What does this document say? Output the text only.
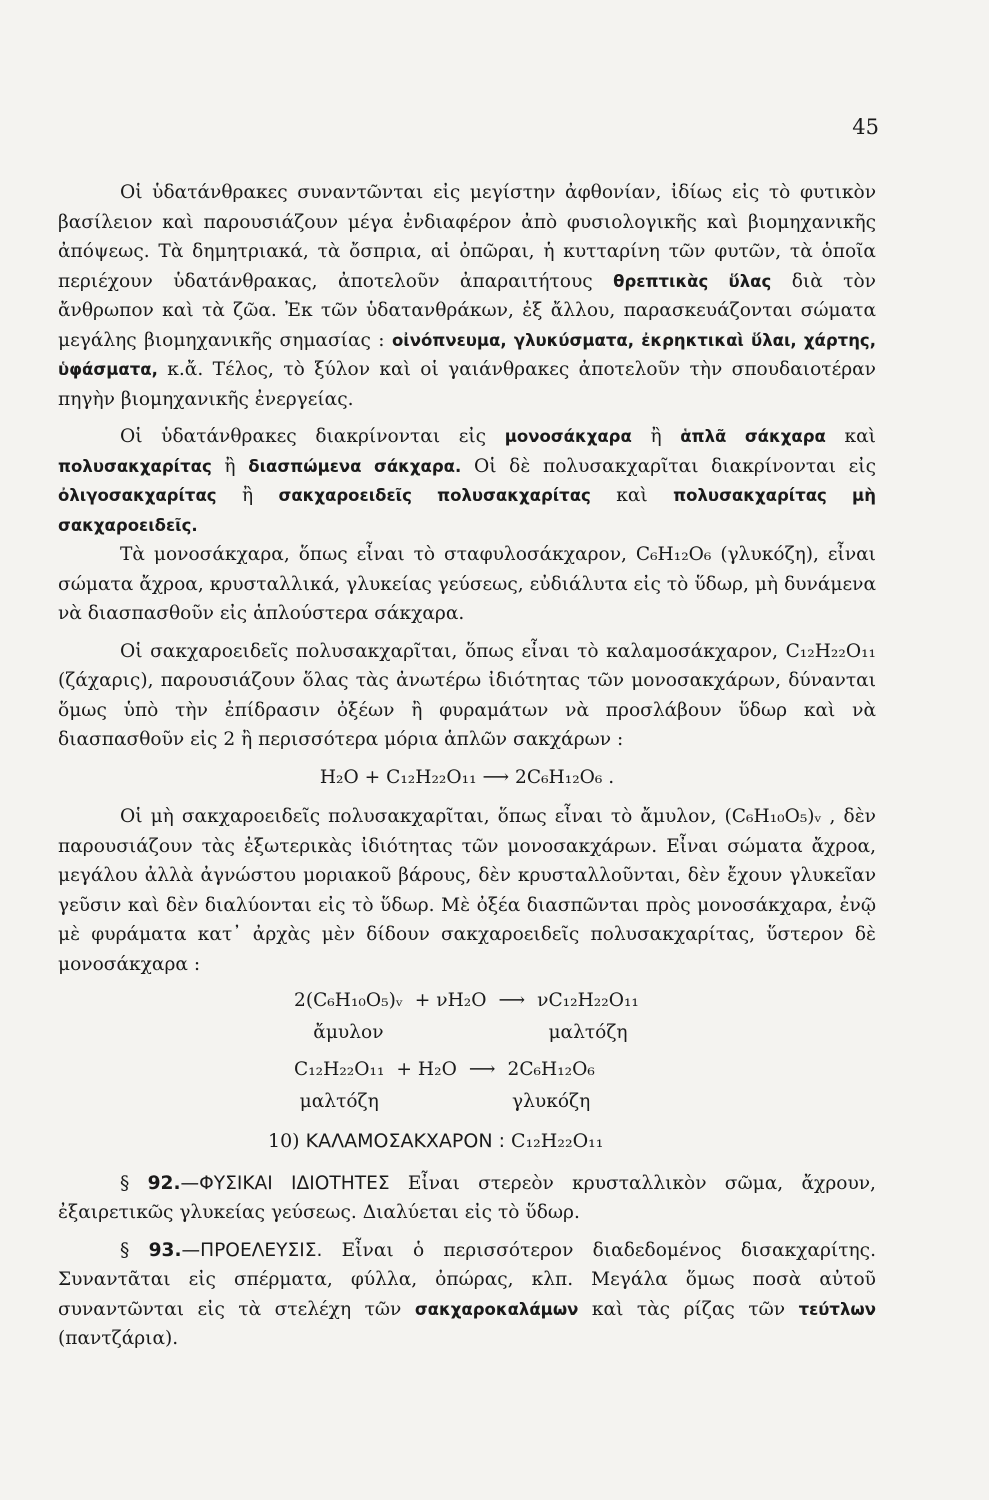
45

Οἱ ὑδατάνθρακες συναντῶνται εἰς μεγίστην ἀφθονίαν, ἰδίως εἰς τὸ φυτικὸν βασίλειον καὶ παρουσιάζουν μέγα ἐνδιαφέρον ἀπὸ φυσιολογικῆς καὶ βιομηχανικῆς ἀπόψεως. Τὰ δημητριακά, τὰ ὄσπρια, αἱ ὀπῶραι, ἡ κυτταρίνη τῶν φυτῶν, τὰ ὁποῖα περιέχουν ὑδατάνθρακας, ἀποτελοῦν ἀπαραιτήτους θρεπτικὰς ὕλας διὰ τὸν ἄνθρωπον καὶ τὰ ζῶα. Ἐκ τῶν ὑδατανθράκων, ἐξ ἄλλου, παρασκευάζονται σώματα μεγάλης βιομηχανικῆς σημασίας : οἰνόπνευμα, γλυκύσματα, ἐκρηκτικαὶ ὕλαι, χάρτης, ὑφάσματα, κ.ἄ. Τέλος, τὸ ξύλον καὶ οἱ γαιάνθρακες ἀποτελοῦν τὴν σπουδαιοτέραν πηγὴν βιομηχανικῆς ἐνεργείας.

Οἱ ὑδατάνθρακες διακρίνονται εἰς μονοσάκχαρα ἢ ἁπλᾶ σάκχαρα καὶ πολυσακχαρίτας ἢ διασπώμενα σάκχαρα. Οἱ δὲ πολυσακχαρῖται διακρίνονται εἰς ὀλιγοσακχαρίτας ἢ σακχαροειδεῖς πολυσακχαρίτας καὶ πολυσακχαρίτας μὴ σακχαροειδεῖς.

Τὰ μονοσάκχαρα, ὅπως εἶναι τὸ σταφυλοσάκχαρον, C₆H₁₂O₆ (γλυκόζη), εἶναι σώματα ἄχροα, κρυσταλλικά, γλυκείας γεύσεως, εὐδιάλυτα εἰς τὸ ὕδωρ, μὴ δυνάμενα νὰ διασπασθοῦν εἰς ἁπλούστερα σάκχαρα.

Οἱ σακχαροειδεῖς πολυσακχαρῖται, ὅπως εἶναι τὸ καλαμοσάκχαρον, C₁₂H₂₂O₁₁ (ζάχαρις), παρουσιάζουν ὅλας τὰς ἀνωτέρω ἰδιότητας τῶν μονοσακχάρων, δύνανται ὅμως ὑπὸ τὴν ἐπίδρασιν ὀξέων ἢ φυραμάτων νὰ προσλάβουν ὕδωρ καὶ νὰ διασπασθοῦν εἰς 2 ἢ περισσότερα μόρια ἁπλῶν σακχάρων :

H₂O + C₁₂H₂₂O₁₁ ⟶ 2C₆H₁₂O₆ .

Οἱ μὴ σακχαροειδεῖς πολυσακχαρῖται, ὅπως εἶναι τὸ ἄμυλον, (C₆H₁₀O₅)ᵥ , δὲν παρουσιάζουν τὰς ἐξωτερικὰς ἰδιότητας τῶν μονοσακχάρων. Εἶναι σώματα ἄχροα, μεγάλου ἀλλὰ ἀγνώστου μοριακοῦ βάρους, δὲν κρυσταλλοῦνται, δὲν ἔχουν γλυκεῖαν γεῦσιν καὶ δὲν διαλύονται εἰς τὸ ὕδωρ. Μὲ ὀξέα διασπῶνται πρὸς μονοσάκχαρα, ἐνῷ μὲ φυράματα κατ᾽ ἀρχὰς μὲν δίδουν σακχαροειδεῖς πολυσακχαρίτας, ὕστερον δὲ μονοσάκχαρα :

2(C₆H₁₀O₅)ᵥ	+ νH₂O	⟶	νC₁₂H₂₂O₁₁
ἄμυλον			μαλτόζη
C₁₂H₂₂O₁₁	+ H₂O	⟶	2C₆H₁₂O₆
μαλτόζη			γλυκόζη

10) ΚΑΛΑΜΟΣΑΚΧΑΡΟΝ : C₁₂H₂₂O₁₁

§ 92.—ΦΥΣΙΚΑΙ ΙΔΙΟΤΗΤΕΣ Εἶναι στερεὸν κρυσταλλικὸν σῶμα, ἄχρουν, ἐξαιρετικῶς γλυκείας γεύσεως. Διαλύεται εἰς τὸ ὕδωρ.

§ 93.—ΠΡΟΕΛΕΥΣΙΣ. Εἶναι ὁ περισσότερον διαδεδομένος δισακχαρίτης. Συναντᾶται εἰς σπέρματα, φύλλα, ὀπώρας, κλπ. Μεγάλα ὅμως ποσὰ αὐτοῦ συναντῶνται εἰς τὰ στελέχη τῶν σακχαροκαλάμων καὶ τὰς ρίζας τῶν τεύτλων (παντζάρια).
